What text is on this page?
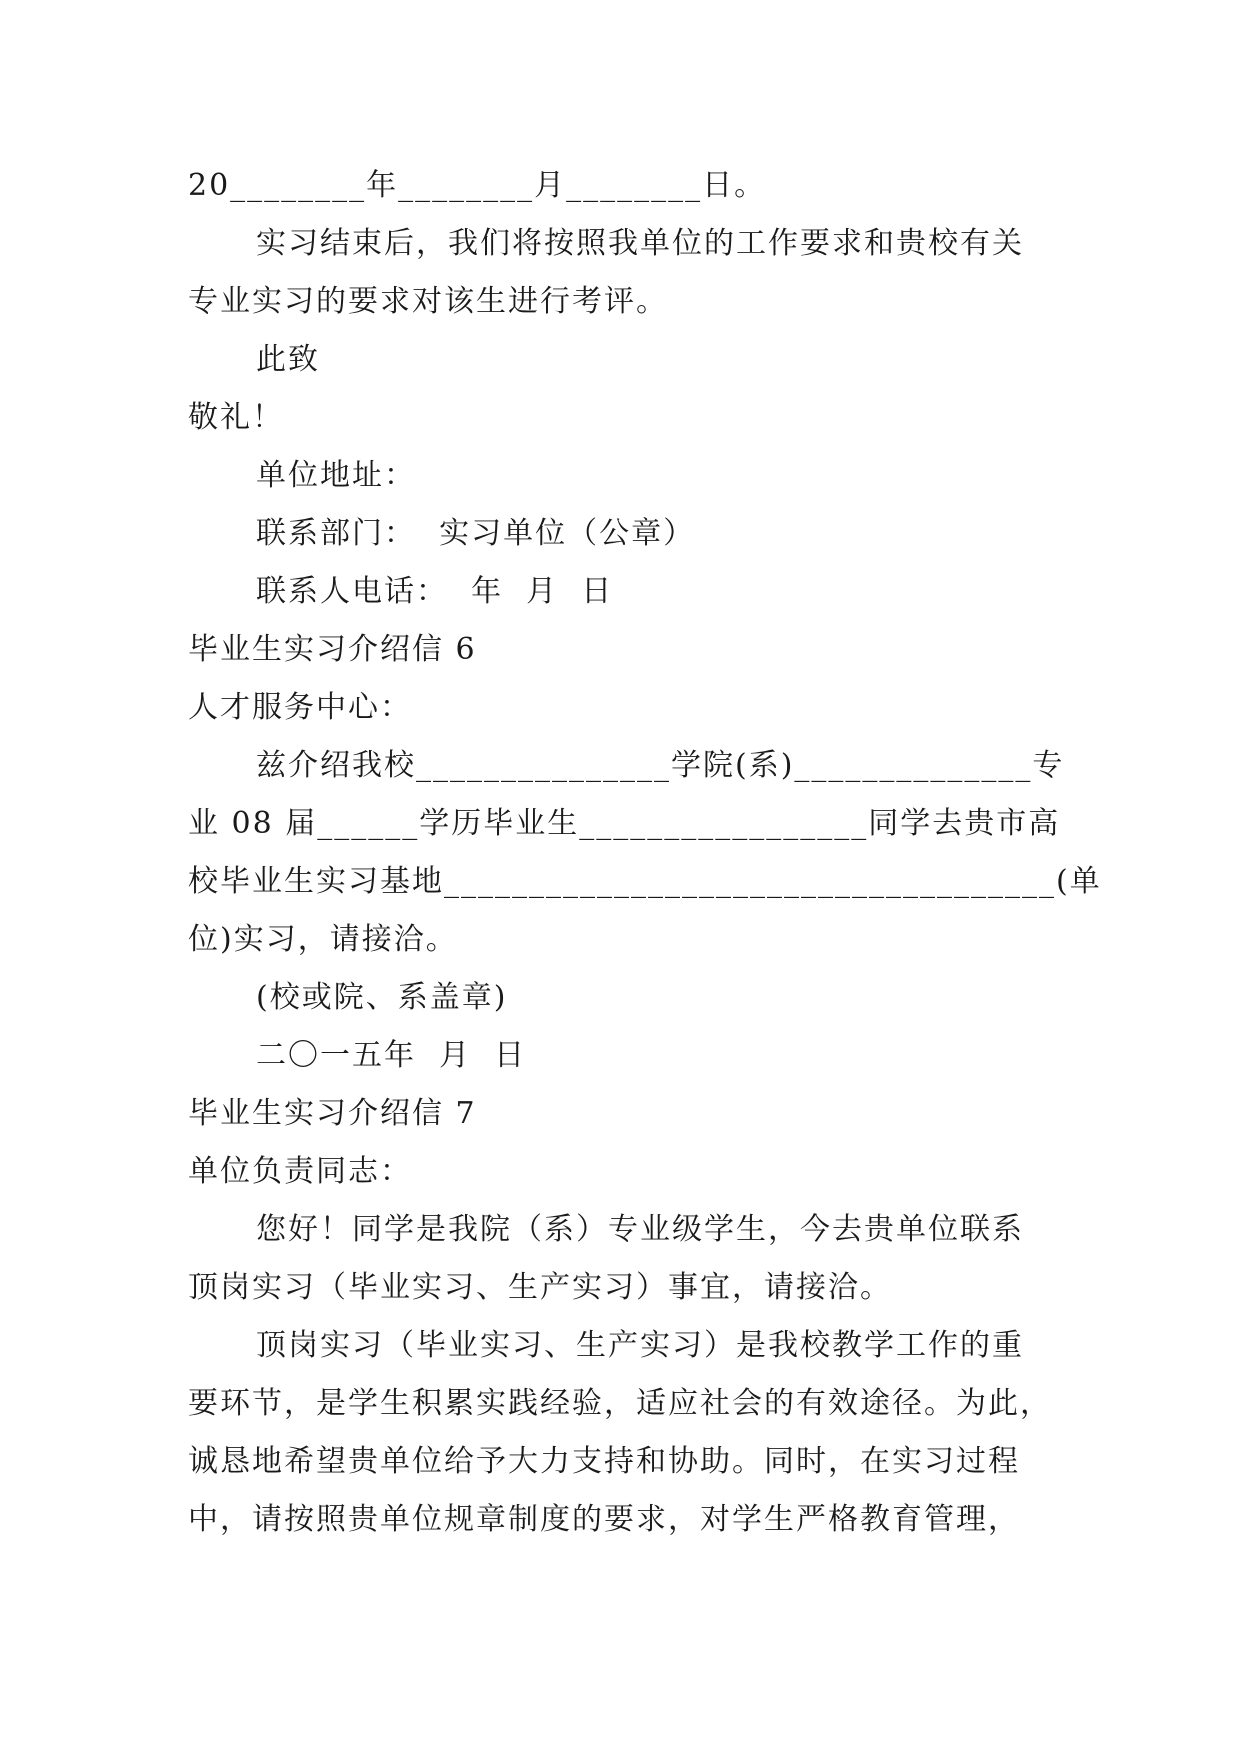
20________年________月________日。
实习结束后，我们将按照我单位的工作要求和贵校有关
专业实习的要求对该生进行考评。
此致
敬礼！
单位地址：
联系部门：  实习单位（公章）
联系人电话：  年  月  日
毕业生实习介绍信 6
人才服务中心：
兹介绍我校_______________学院(系)______________专
业 08 届______学历毕业生_________________同学去贵市高
校毕业生实习基地____________________________________(单
位)实习，请接洽。
(校或院、系盖章)
二〇一五年  月  日
毕业生实习介绍信 7
单位负责同志：
您好！同学是我院（系）专业级学生，今去贵单位联系
顶岗实习（毕业实习、生产实习）事宜，请接洽。
顶岗实习（毕业实习、生产实习）是我校教学工作的重
要环节，是学生积累实践经验，适应社会的有效途径。为此，
诚恳地希望贵单位给予大力支持和协助。同时，在实习过程
中，请按照贵单位规章制度的要求，对学生严格教育管理，
